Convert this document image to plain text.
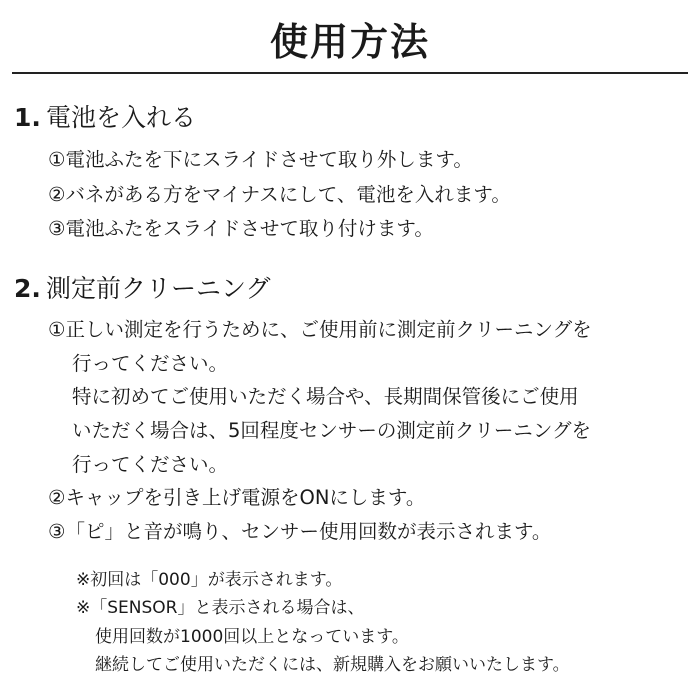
使用方法
1. 電池を入れる
①電池ふたを下にスライドさせて取り外します。
②バネがある方をマイナスにして、電池を入れます。
③電池ふたをスライドさせて取り付けます。
2. 測定前クリーニング
①正しい測定を行うために、ご使用前に測定前クリーニングを
行ってください。
特に初めてご使用いただく場合や、長期間保管後にご使用
いただく場合は、5回程度センサーの測定前クリーニングを
行ってください。
②キャップを引き上げ電源をONにします。
③「ピ」と音が鳴り、センサー使用回数が表示されます。
※初回は「000」が表示されます。
※「SENSOR」と表示される場合は、
使用回数が1000回以上となっています。
継続してご使用いただくには、新規購入をお願いいたします。
